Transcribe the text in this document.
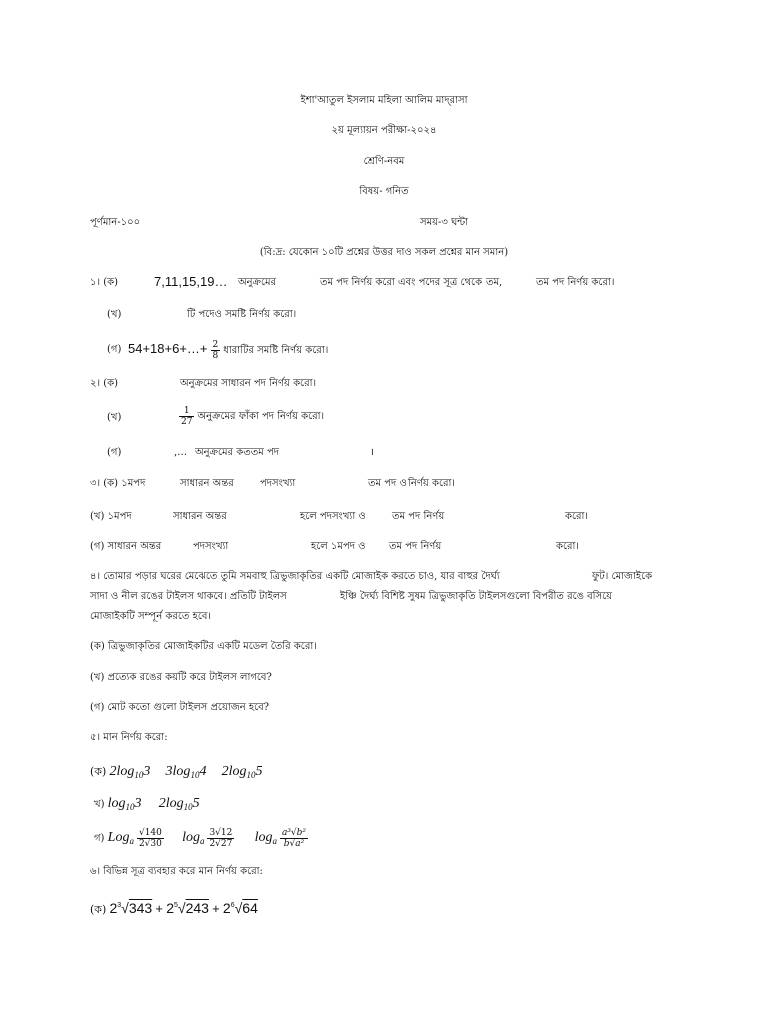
ইশা'আতুল ইসলাম মহিলা আলিম মাদ্‌রাসা
২য় মূল্যায়ন পরীক্ষা-২০২৪
শ্রেণি-নবম
বিষয়- গনিত
পূর্ণমান-১০০	সময়-৩ ঘন্টা
(বি:দ্র: যেকোন ১০টি প্রশ্নের উত্তর দাও সকল প্রশ্নের মান সমান)
১। (ক)	7,11,15,19… অনুক্রমের	তম পদ নির্ণয় করো এবং পদের সূত্র থেকে তম,	তম পদ নির্ণয় করো।
(খ)	টি পদেও সমষ্টি নির্ণয় করো।
(গ) 54+18+6+…+ $\frac{2}{8}$ ধারাটির সমষ্টি নির্ণয় করো।
২। (ক)	অনুক্রমের সাধারন পদ নির্ণয় করো।
(খ)	$\frac{1}{27}$ অনুক্রমের ফাঁকা পদ নির্ণয় করো।
(গ)	,… অনুক্রমের কততম পদ	।
৩। (ক) ১মপদ	সাধারন অন্তর	পদসংখ্যা	তম পদ ও নির্ণয় করো।
(খ) ১মপদ	সাধারন অন্তর	হলে পদসংখ্যা ও	তম পদ নির্ণয়	করো।
(গ) সাধারন অন্তর	পদসংখ্যা	হলে ১মপদ ও তম পদ নির্ণয়	করো।
৪। তোমার পড়ার ঘরের মেঝেতে তুমি সমবাহু ত্রিভুজাকৃতির একটি মোজাইক করতে চাও, যার বাহুর দৈর্ঘ্য	ফুট। মোজাইকে
সাদা ও নীল রঙের টাইলস থাকবে। প্রতিটি টাইলস	ইঞ্চি দৈর্ঘ্য বিশিষ্ট সুষম ত্রিভুজাকৃতি টাইলসগুলো বিপরীত রঙে বসিয়ে
মোজাইকটি সম্পূর্ন করতে হবে।
(ক) ত্রিভুজাকৃতির মোজাইকটির একটি মডেল তৈরি করো।
(খ) প্রত্যেক রঙের কয়টি করে টাইলস লাগবে?
(গ) মোট কতো গুলো টাইলস প্রয়োজন হবে?
৫। মান নির্ণয় করো:
(ক) $2\log_{10}3$ $3\log_{10}4$ $2\log_{10}5$
খ) $\log_{10}3$ $2\log_{10}5$
গ) $Log_a \frac{√140}{2√30} \log_a \frac{3√12}{2√27} \log_a \frac{\text{a³√b²}}{\text{b√a²}}$
৬। বিভিন্ন সূত্র ব্যবহার করে মান নির্ণয় করো:
(ক) $2^3√343 + 2^5√243 + 2^6√64$
